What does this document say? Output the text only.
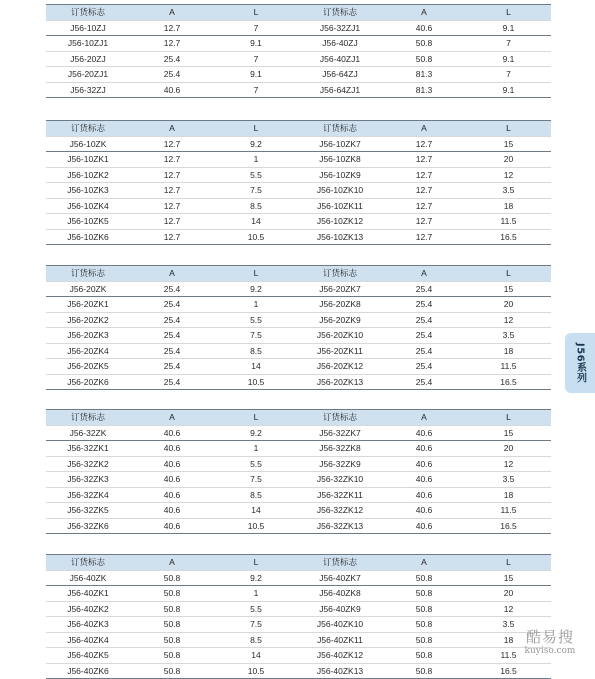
订货标志	A	L	订货标志	A	L
J56-10ZJ	12.7	7	J56-32ZJ1	40.6	9.1
J56-10ZJ1	12.7	9.1	J56-40ZJ	50.8	7
J56-20ZJ	25.4	7	J56-40ZJ1	50.8	9.1
J56-20ZJ1	25.4	9.1	J56-64ZJ	81.3	7
J56-32ZJ	40.6	7	J56-64ZJ1	81.3	9.1
订货标志	A	L	订货标志	A	L
J56-10ZK	12.7	9.2	J56-10ZK7	12.7	15
J56-10ZK1	12.7	1	J56-10ZK8	12.7	20
J56-10ZK2	12.7	5.5	J56-10ZK9	12.7	12
J56-10ZK3	12.7	7.5	J56-10ZK10	12.7	3.5
J56-10ZK4	12.7	8.5	J56-10ZK11	12.7	18
J56-10ZK5	12.7	14	J56-10ZK12	12.7	11.5
J56-10ZK6	12.7	10.5	J56-10ZK13	12.7	16.5
订货标志	A	L	订货标志	A	L
J56-20ZK	25.4	9.2	J56-20ZK7	25.4	15
J56-20ZK1	25.4	1	J56-20ZK8	25.4	20
J56-20ZK2	25.4	5.5	J56-20ZK9	25.4	12
J56-20ZK3	25.4	7.5	J56-20ZK10	25.4	3.5
J56-20ZK4	25.4	8.5	J56-20ZK11	25.4	18
J56-20ZK5	25.4	14	J56-20ZK12	25.4	11.5
J56-20ZK6	25.4	10.5	J56-20ZK13	25.4	16.5
订货标志	A	L	订货标志	A	L
J56-32ZK	40.6	9.2	J56-32ZK7	40.6	15
J56-32ZK1	40.6	1	J56-32ZK8	40.6	20
J56-32ZK2	40.6	5.5	J56-32ZK9	40.6	12
J56-32ZK3	40.6	7.5	J56-32ZK10	40.6	3.5
J56-32ZK4	40.6	8.5	J56-32ZK11	40.6	18
J56-32ZK5	40.6	14	J56-32ZK12	40.6	11.5
J56-32ZK6	40.6	10.5	J56-32ZK13	40.6	16.5
订货标志	A	L	订货标志	A	L
J56-40ZK	50.8	9.2	J56-40ZK7	50.8	15
J56-40ZK1	50.8	1	J56-40ZK8	50.8	20
J56-40ZK2	50.8	5.5	J56-40ZK9	50.8	12
J56-40ZK3	50.8	7.5	J56-40ZK10	50.8	3.5
J56-40ZK4	50.8	8.5	J56-40ZK11	50.8	18
J56-40ZK5	50.8	14	J56-40ZK12	50.8	11.5
J56-40ZK6	50.8	10.5	J56-40ZK13	50.8	16.5
J56系列
酷易搜
kuyiso.com
